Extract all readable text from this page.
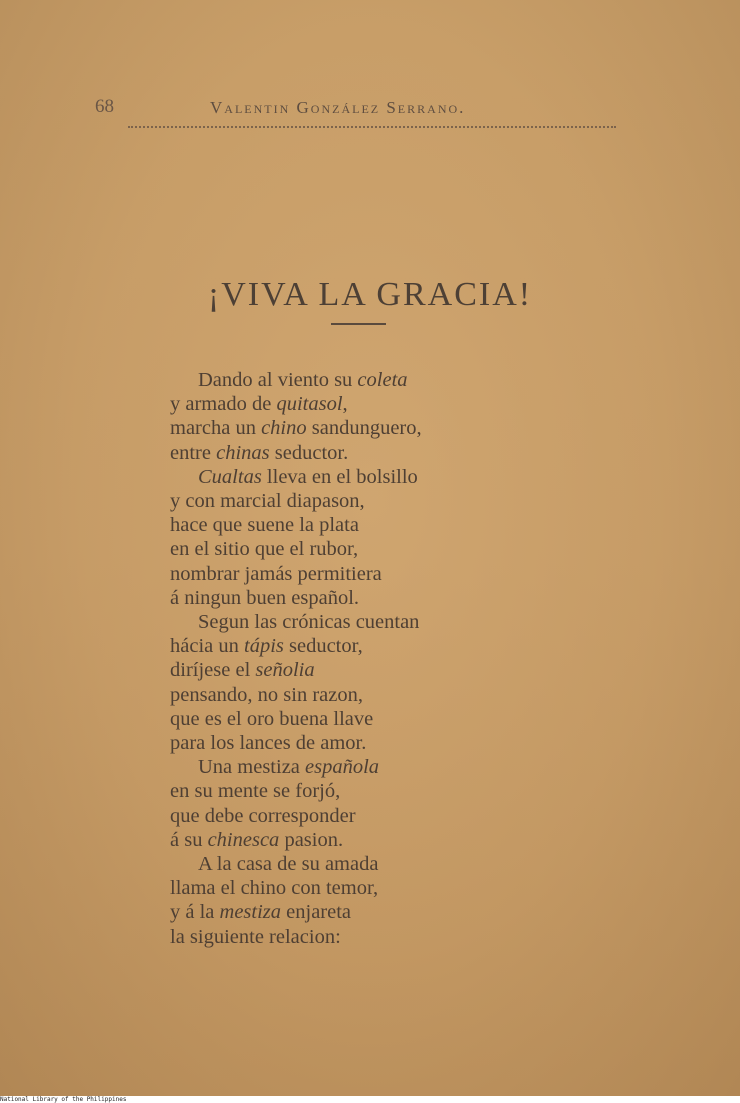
68	Valentin González Serrano.
¡VIVA LA GRACIA!
Dando al viento su coleta
y armado de quitasol,
marcha un chino sandunguero,
entre chinas seductor.
Cualtas lleva en el bolsillo
y con marcial diapason,
hace que suene la plata
en el sitio que el rubor,
nombrar jamás permitiera
á ningun buen español.
Segun las crónicas cuentan
hácia un tápis seductor,
diríjese el señolia
pensando, no sin razon,
que es el oro buena llave
para los lances de amor.
Una mestiza española
en su mente se forjó,
que debe corresponder
á su chinesca pasion.
A la casa de su amada
llama el chino con temor,
y á la mestiza enjareta
la siguiente relacion:
National Library of the Philippines
